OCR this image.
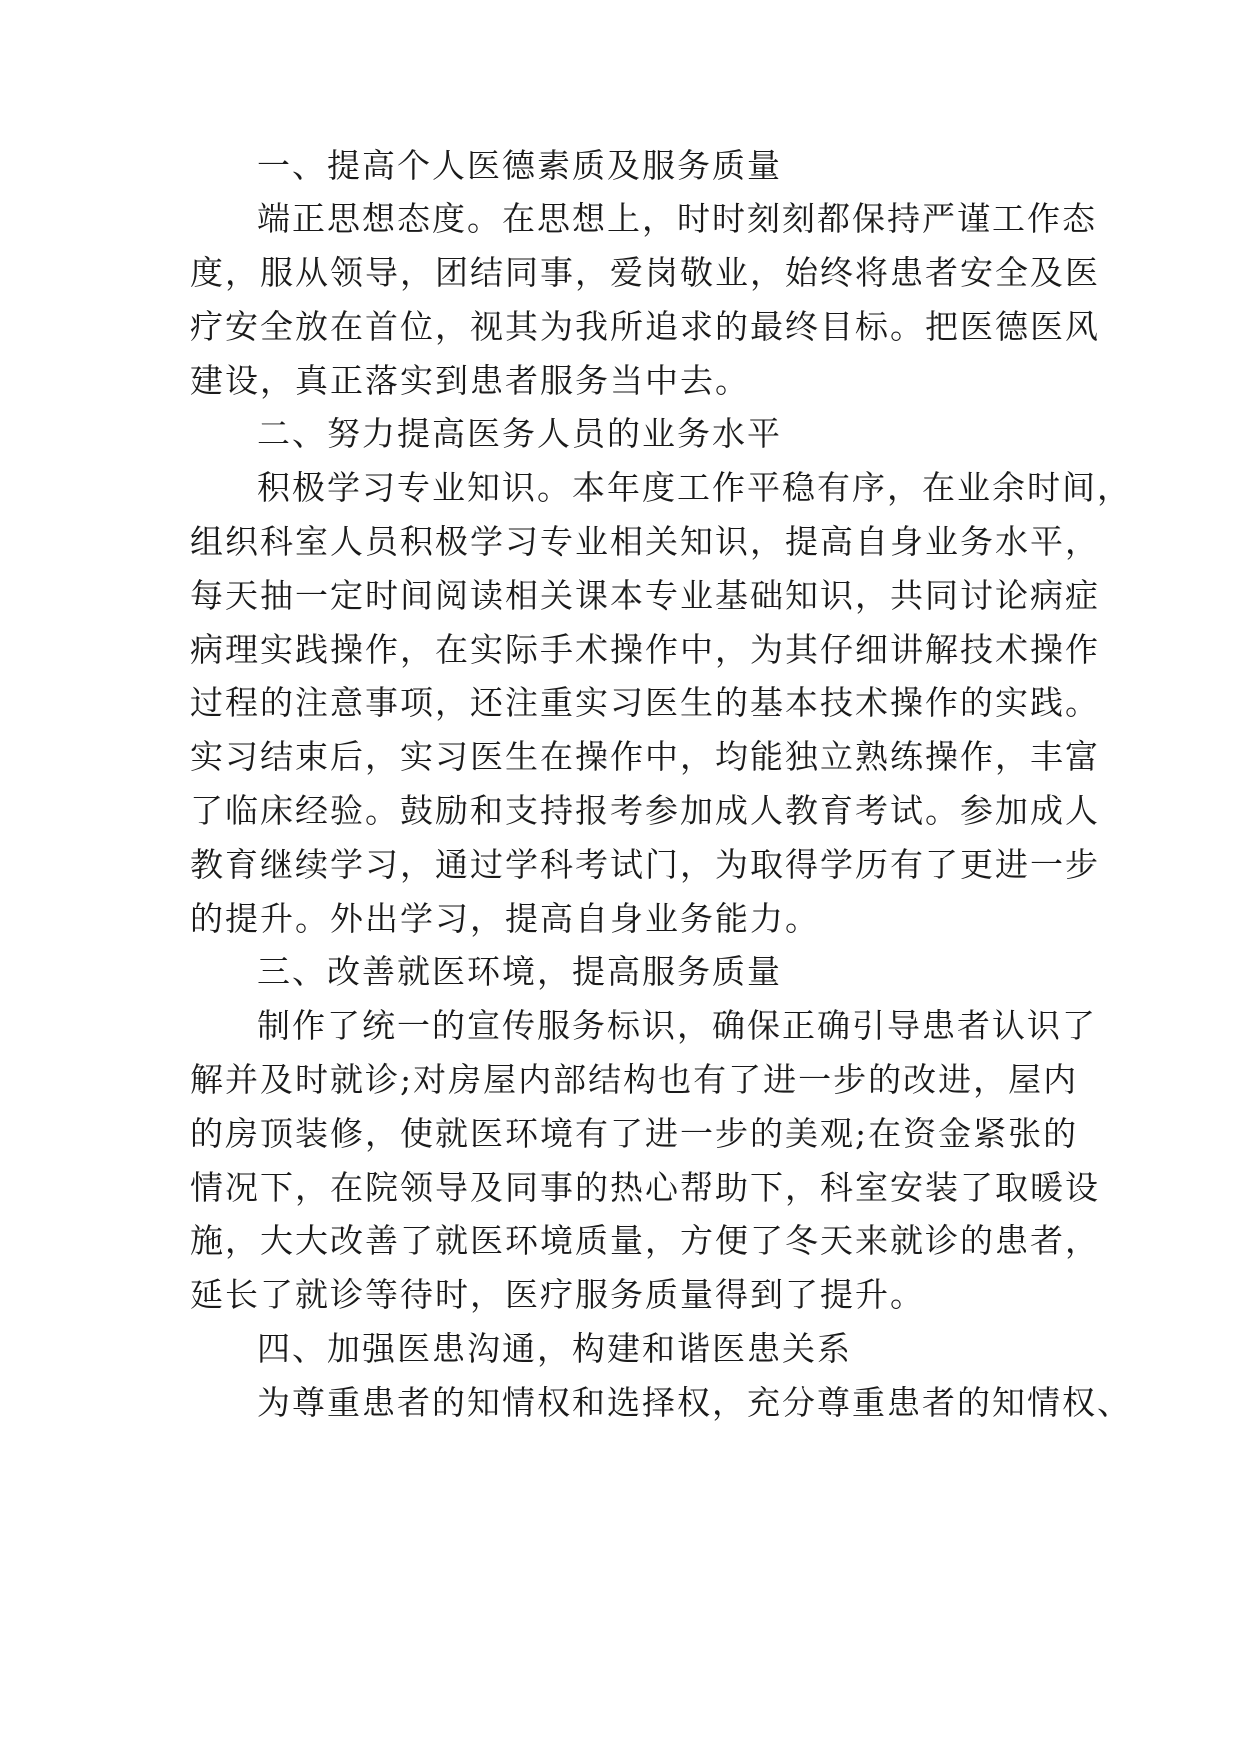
一、提高个人医德素质及服务质量
端正思想态度。在思想上，时时刻刻都保持严谨工作态
度，服从领导，团结同事，爱岗敬业，始终将患者安全及医
疗安全放在首位，视其为我所追求的最终目标。把医德医风
建设，真正落实到患者服务当中去。
二、努力提高医务人员的业务水平
积极学习专业知识。本年度工作平稳有序，在业余时间，
组织科室人员积极学习专业相关知识，提高自身业务水平，
每天抽一定时间阅读相关课本专业基础知识，共同讨论病症
病理实践操作，在实际手术操作中，为其仔细讲解技术操作
过程的注意事项，还注重实习医生的基本技术操作的实践。
实习结束后，实习医生在操作中，均能独立熟练操作，丰富
了临床经验。鼓励和支持报考参加成人教育考试。参加成人
教育继续学习，通过学科考试门，为取得学历有了更进一步
的提升。外出学习，提高自身业务能力。
三、改善就医环境，提高服务质量
制作了统一的宣传服务标识，确保正确引导患者认识了
解并及时就诊;对房屋内部结构也有了进一步的改进，屋内
的房顶装修，使就医环境有了进一步的美观;在资金紧张的
情况下，在院领导及同事的热心帮助下，科室安装了取暖设
施，大大改善了就医环境质量，方便了冬天来就诊的患者，
延长了就诊等待时，医疗服务质量得到了提升。
四、加强医患沟通，构建和谐医患关系
为尊重患者的知情权和选择权，充分尊重患者的知情权、
